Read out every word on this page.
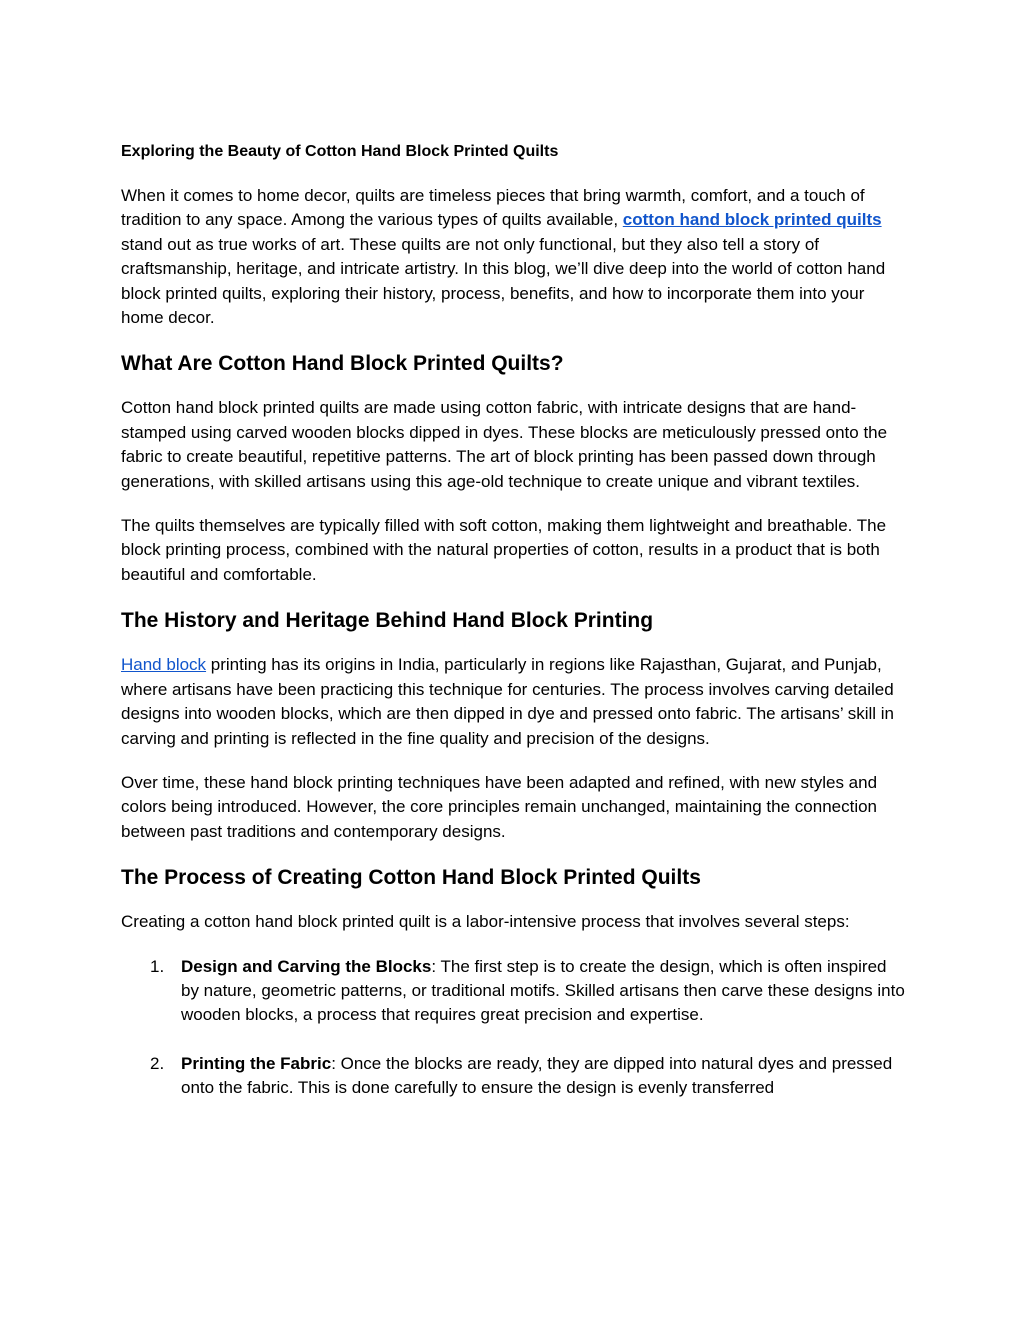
Exploring the Beauty of Cotton Hand Block Printed Quilts

When it comes to home decor, quilts are timeless pieces that bring warmth, comfort, and a touch of tradition to any space. Among the various types of quilts available, cotton hand block printed quilts stand out as true works of art. These quilts are not only functional, but they also tell a story of craftsmanship, heritage, and intricate artistry. In this blog, we’ll dive deep into the world of cotton hand block printed quilts, exploring their history, process, benefits, and how to incorporate them into your home decor.

What Are Cotton Hand Block Printed Quilts?

Cotton hand block printed quilts are made using cotton fabric, with intricate designs that are hand-stamped using carved wooden blocks dipped in dyes. These blocks are meticulously pressed onto the fabric to create beautiful, repetitive patterns. The art of block printing has been passed down through generations, with skilled artisans using this age-old technique to create unique and vibrant textiles.

The quilts themselves are typically filled with soft cotton, making them lightweight and breathable. The block printing process, combined with the natural properties of cotton, results in a product that is both beautiful and comfortable.

The History and Heritage Behind Hand Block Printing

Hand block printing has its origins in India, particularly in regions like Rajasthan, Gujarat, and Punjab, where artisans have been practicing this technique for centuries. The process involves carving detailed designs into wooden blocks, which are then dipped in dye and pressed onto fabric. The artisans’ skill in carving and printing is reflected in the fine quality and precision of the designs.

Over time, these hand block printing techniques have been adapted and refined, with new styles and colors being introduced. However, the core principles remain unchanged, maintaining the connection between past traditions and contemporary designs.

The Process of Creating Cotton Hand Block Printed Quilts

Creating a cotton hand block printed quilt is a labor-intensive process that involves several steps:

1. Design and Carving the Blocks: The first step is to create the design, which is often inspired by nature, geometric patterns, or traditional motifs. Skilled artisans then carve these designs into wooden blocks, a process that requires great precision and expertise.
2. Printing the Fabric: Once the blocks are ready, they are dipped into natural dyes and pressed onto the fabric. This is done carefully to ensure the design is evenly transferred
